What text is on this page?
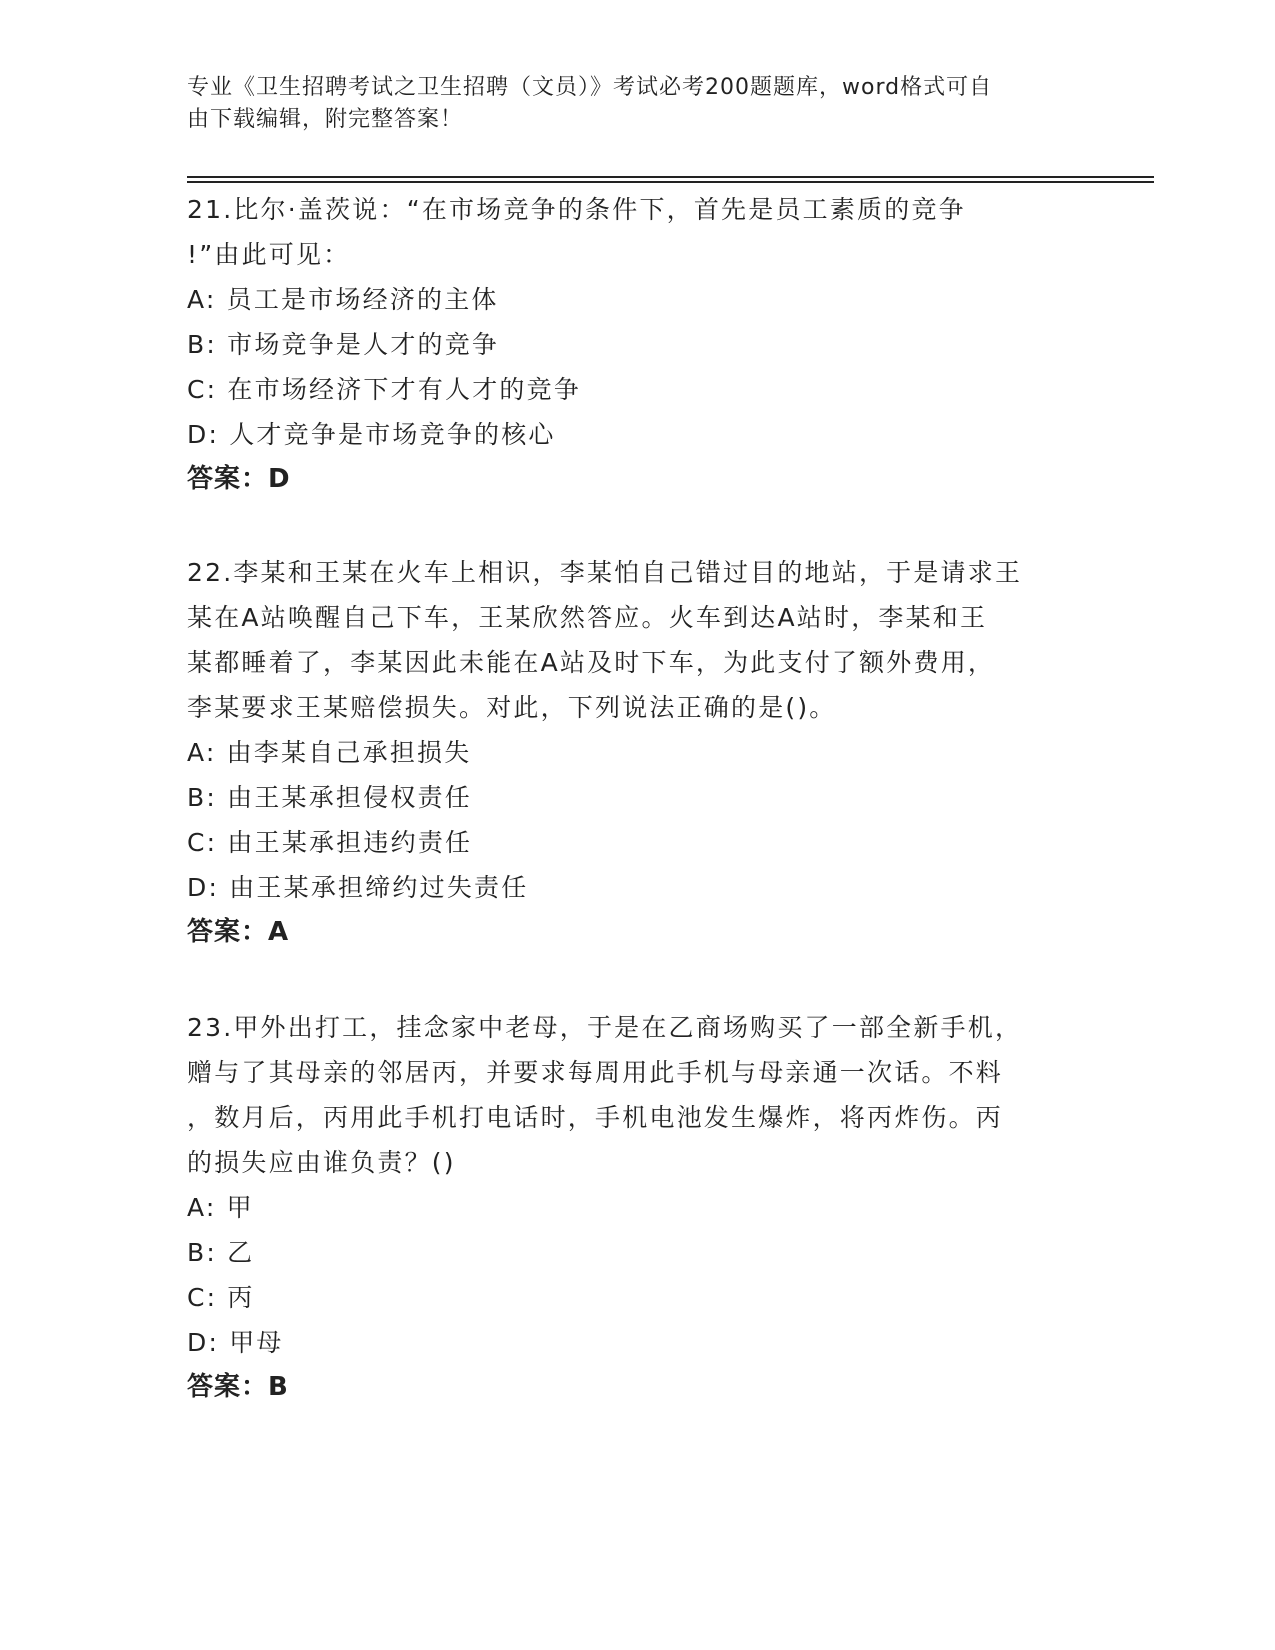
专业《卫生招聘考试之卫生招聘（文员）》考试必考200题题库，word格式可自
由下载编辑，附完整答案！
21.比尔·盖茨说：“在市场竞争的条件下，首先是员工素质的竞争
!”由此可见：
A: 员工是市场经济的主体
B: 市场竞争是人才的竞争
C: 在市场经济下才有人才的竞争
D: 人才竞争是市场竞争的核心
答案：D
22.李某和王某在火车上相识，李某怕自己错过目的地站，于是请求王
某在A站唤醒自己下车，王某欣然答应。火车到达A站时，李某和王
某都睡着了，李某因此未能在A站及时下车，为此支付了额外费用，
李某要求王某赔偿损失。对此，下列说法正确的是()。
A: 由李某自己承担损失
B: 由王某承担侵权责任
C: 由王某承担违约责任
D: 由王某承担缔约过失责任
答案：A
23.甲外出打工，挂念家中老母，于是在乙商场购买了一部全新手机，
赠与了其母亲的邻居丙，并要求每周用此手机与母亲通一次话。不料
，数月后，丙用此手机打电话时，手机电池发生爆炸，将丙炸伤。丙
的损失应由谁负责？()
A: 甲
B: 乙
C: 丙
D: 甲母
答案：B
